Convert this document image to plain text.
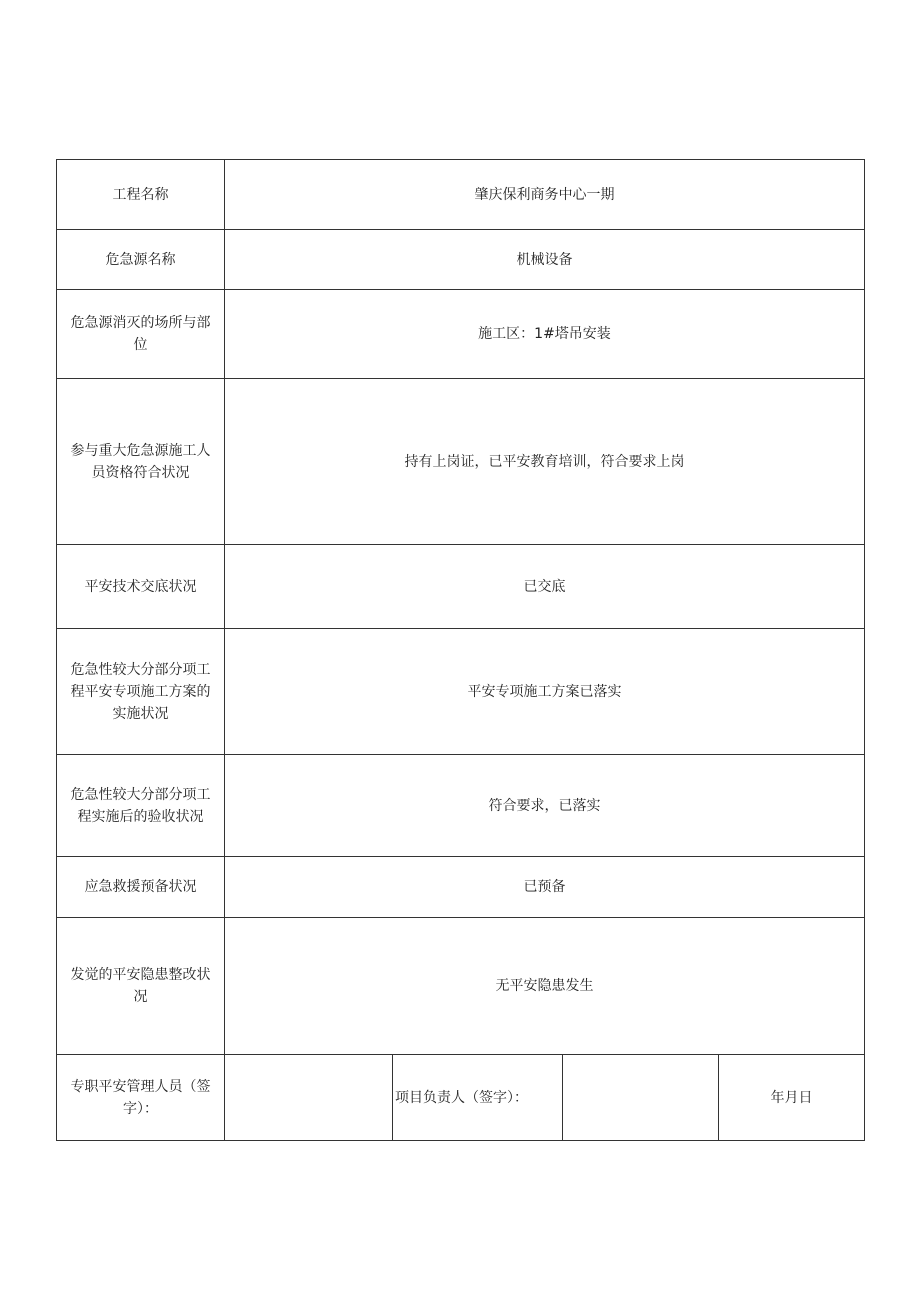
工程名称	肇庆保利商务中心一期			
危急源名称	机械设备			
危急源消灭的场所与部位	施工区：1#塔吊安装			
参与重大危急源施工人员资格符合状况	持有上岗证，已平安教育培训，符合要求上岗			
平安技术交底状况	已交底			
危急性较大分部分项工程平安专项施工方案的实施状况	平安专项施工方案已落实			
危急性较大分部分项工程实施后的验收状况	符合要求，已落实			
应急救援预备状况	已预备			
发觉的平安隐患整改状况	无平安隐患发生			
专职平安管理人员（签字）：		项目负责人（签字）：		年月日
